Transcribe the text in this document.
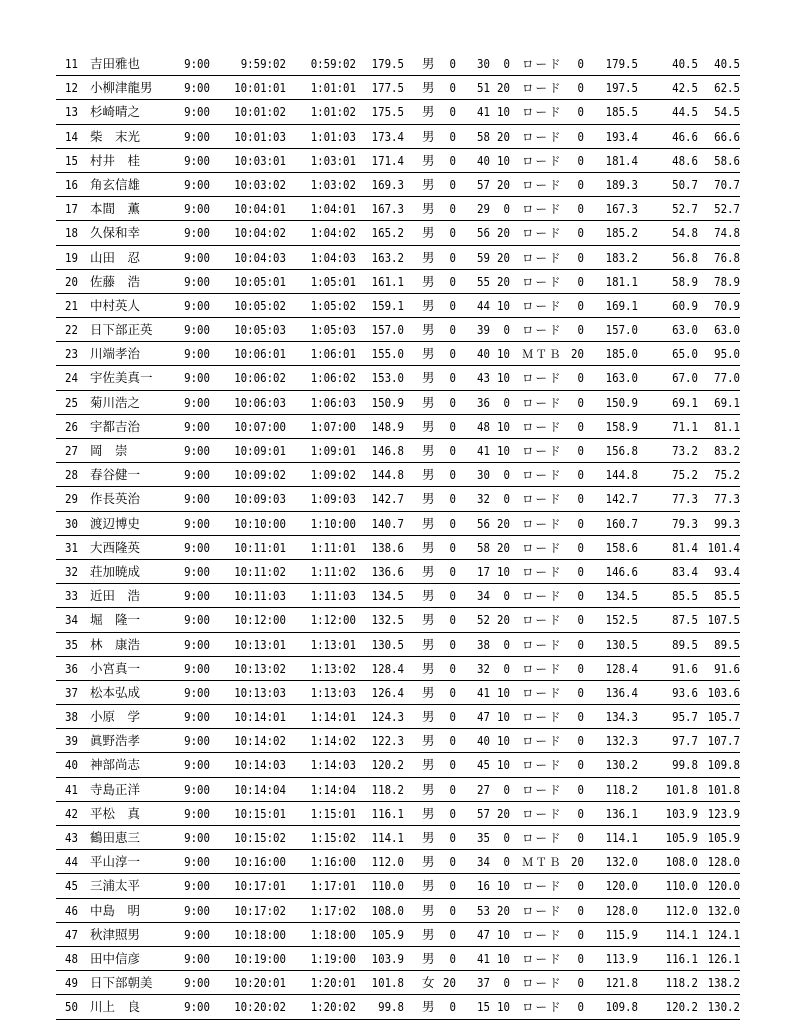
11 吉田雅也	9:00	9:59:02	0:59:02	179.5 男	0	30	0 ロード	0	179.5	40.5	40.5
12 小柳津龍男	9:00	10:01:01	1:01:01	177.5 男	0	51 20 ロード	0	197.5	42.5	62.5
13 杉崎晴之	9:00	10:01:02	1:01:02	175.5 男	0	41 10 ロード	0	185.5	44.5	54.5
14 柴　末光	9:00	10:01:03	1:01:03	173.4 男	0	58 20 ロード	0	193.4	46.6	66.6
15 村井　桂	9:00	10:03:01	1:03:01	171.4 男	0	40 10 ロード	0	181.4	48.6	58.6
16 角玄信雄	9:00	10:03:02	1:03:02	169.3 男	0	57 20 ロード	0	189.3	50.7	70.7
17 本間　薫	9:00	10:04:01	1:04:01	167.3 男	0	29	0 ロード	0	167.3	52.7	52.7
18 久保和幸	9:00	10:04:02	1:04:02	165.2 男	0	56 20 ロード	0	185.2	54.8	74.8
19 山田　忍	9:00	10:04:03	1:04:03	163.2 男	0	59 20 ロード	0	183.2	56.8	76.8
20 佐藤　浩	9:00	10:05:01	1:05:01	161.1 男	0	55 20 ロード	0	181.1	58.9	78.9
21 中村英人	9:00	10:05:02	1:05:02	159.1 男	0	44 10 ロード	0	169.1	60.9	70.9
22 日下部正英	9:00	10:05:03	1:05:03	157.0 男	0	39	0 ロード	0	157.0	63.0	63.0
23 川端孝治	9:00	10:06:01	1:06:01	155.0 男	0	40 10 ＭＴＢ 20	185.0	65.0	95.0
24 宇佐美真一	9:00	10:06:02	1:06:02	153.0 男	0	43 10 ロード	0	163.0	67.0	77.0
25 菊川浩之	9:00	10:06:03	1:06:03	150.9 男	0	36	0 ロード	0	150.9	69.1	69.1
26 宇都吉治	9:00	10:07:00	1:07:00	148.9 男	0	48 10 ロード	0	158.9	71.1	81.1
27 岡　崇	9:00	10:09:01	1:09:01	146.8 男	0	41 10 ロード	0	156.8	73.2	83.2
28 春谷健一	9:00	10:09:02	1:09:02	144.8 男	0	30	0 ロード	0	144.8	75.2	75.2
29 作長英治	9:00	10:09:03	1:09:03	142.7 男	0	32	0 ロード	0	142.7	77.3	77.3
30 渡辺博史	9:00	10:10:00	1:10:00	140.7 男	0	56 20 ロード	0	160.7	79.3	99.3
31 大西隆英	9:00	10:11:01	1:11:01	138.6 男	0	58 20 ロード	0	158.6	81.4 101.4
32 荘加暁成	9:00	10:11:02	1:11:02	136.6 男	0	17 10 ロード	0	146.6	83.4	93.4
33 近田　浩	9:00	10:11:03	1:11:03	134.5 男	0	34	0 ロード	0	134.5	85.5	85.5
34 堀　隆一	9:00	10:12:00	1:12:00	132.5 男	0	52 20 ロード	0	152.5	87.5 107.5
35 林　康浩	9:00	10:13:01	1:13:01	130.5 男	0	38	0 ロード	0	130.5	89.5	89.5
36 小宮真一	9:00	10:13:02	1:13:02	128.4 男	0	32	0 ロード	0	128.4	91.6	91.6
37 松本弘成	9:00	10:13:03	1:13:03	126.4 男	0	41 10 ロード	0	136.4	93.6 103.6
38 小原　学	9:00	10:14:01	1:14:01	124.3 男	0	47 10 ロード	0	134.3	95.7 105.7
39 眞野浩孝	9:00	10:14:02	1:14:02	122.3 男	0	40 10 ロード	0	132.3	97.7 107.7
40 神部尚志	9:00	10:14:03	1:14:03	120.2 男	0	45 10 ロード	0	130.2	99.8 109.8
41 寺島正洋	9:00	10:14:04	1:14:04	118.2 男	0	27	0 ロード	0	118.2	101.8 101.8
42 平松　真	9:00	10:15:01	1:15:01	116.1 男	0	57 20 ロード	0	136.1	103.9 123.9
43 鶴田恵三	9:00	10:15:02	1:15:02	114.1 男	0	35	0 ロード	0	114.1	105.9 105.9
44 平山淳一	9:00	10:16:00	1:16:00	112.0 男	0	34	0 ＭＴＢ 20	132.0	108.0 128.0
45 三浦太平	9:00	10:17:01	1:17:01	110.0 男	0	16 10 ロード	0	120.0	110.0 120.0
46 中島　明	9:00	10:17:02	1:17:02	108.0 男	0	53 20 ロード	0	128.0	112.0 132.0
47 秋津照男	9:00	10:18:00	1:18:00	105.9 男	0	47 10 ロード	0	115.9	114.1 124.1
48 田中信彦	9:00	10:19:00	1:19:00	103.9 男	0	41 10 ロード	0	113.9	116.1 126.1
49 日下部朝美	9:00	10:20:01	1:20:01	101.8 女 20	37	0 ロード	0	121.8	118.2 138.2
50 川上　良	9:00	10:20:02	1:20:02	99.8 男	0	15 10 ロード	0	109.8	120.2 130.2
